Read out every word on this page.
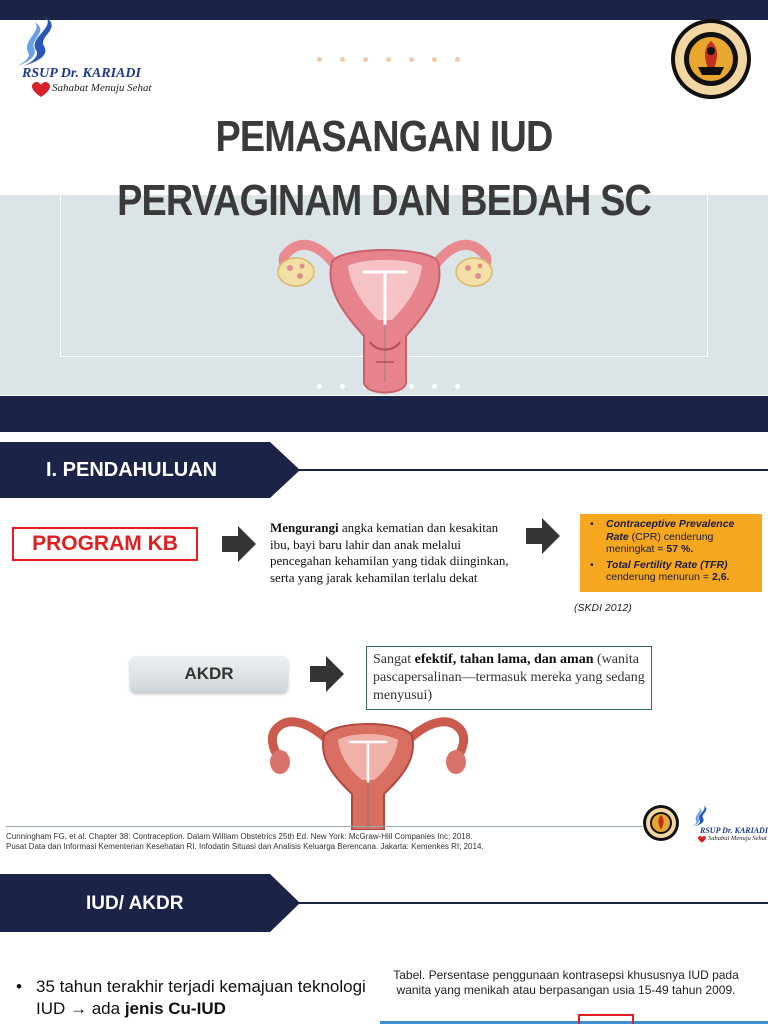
RSUP Dr. KARIADI
Sahabat Menuju Sehat
PEMASANGAN IUD
PERVAGINAM DAN BEDAH SC
I. PENDAHULUAN
PROGRAM KB
Mengurangi angka kematian dan kesakitan ibu, bayi baru lahir dan anak melalui pencegahan kehamilan yang tidak diinginkan, serta yang jarak kehamilan terlalu dekat
• Contraceptive Prevalence Rate (CPR) cenderung meningkat = 57 %.
• Total Fertility Rate (TFR) cenderung menurun = 2,6.
(SKDI 2012)
AKDR
Sangat efektif, tahan lama, dan aman (wanita pascapersalinan—termasuk mereka yang sedang menyusui)
Cunningham FG, et al. Chapter 38: Contraception. Dalam William Obstetrics 25th Ed. New York: McGraw-Hill Companies Inc; 2018.
Pusat Data dan Informasi Kementerian Kesehatan RI. Infodatin Situasi dan Analisis Keluarga Berencana. Jakarta: Kemenkes RI; 2014.
RSUP Dr. KARIADI
Sahabat Menuju Sehat
IUD/ AKDR
• 35 tahun terakhir terjadi kemajuan teknologi IUD → ada jenis Cu-IUD
Tabel. Persentase penggunaan kontrasepsi khususnya IUD pada wanita yang menikah atau berpasangan usia 15-49 tahun 2009.
